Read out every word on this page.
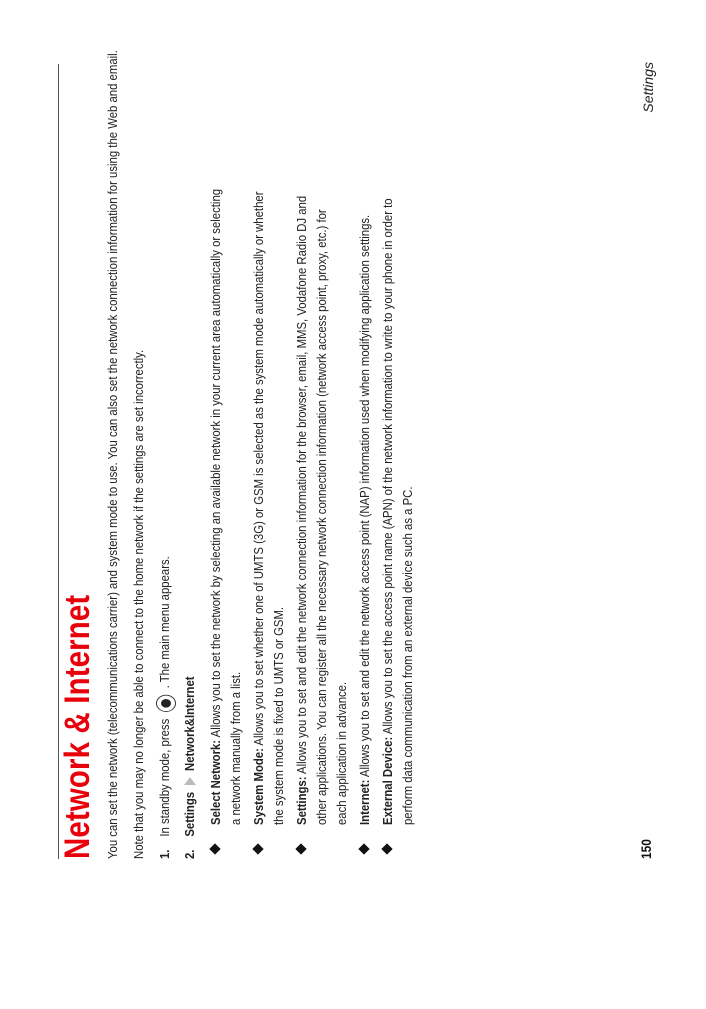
150
Settings
Network & Internet You can set the network (telecommunications carrier) and system mode to use. You can also set the network connection information for using the Web and email. Note that you may no longer be able to connect to the home network if the settings are set incorrectly. 1.
In standby mode, press  . The main menu appears.
2.
Settings  Network&Internet
Select Network: Allows you to set the network by selecting an available network in your current area automatically or selecting a network manually from a list. System Mode: Allows you to set whether one of UMTS (3G) or GSM is selected as the system mode automatically or whether the system mode is fixed to UMTS or GSM. Settings: Allows you to set and edit the network connection information for the browser, email, MMS, Vodafone Radio DJ and other applications. You can register all the necessary network connection information (network access point, proxy, etc.) for each application in advance. Internet: Allows you to set and edit the network access point (NAP) information used when modifying application settings.
External Device: Allows you to set the access point name (APN) of the network information to write to your phone in order to perform data communication from an external device such as a PC.
